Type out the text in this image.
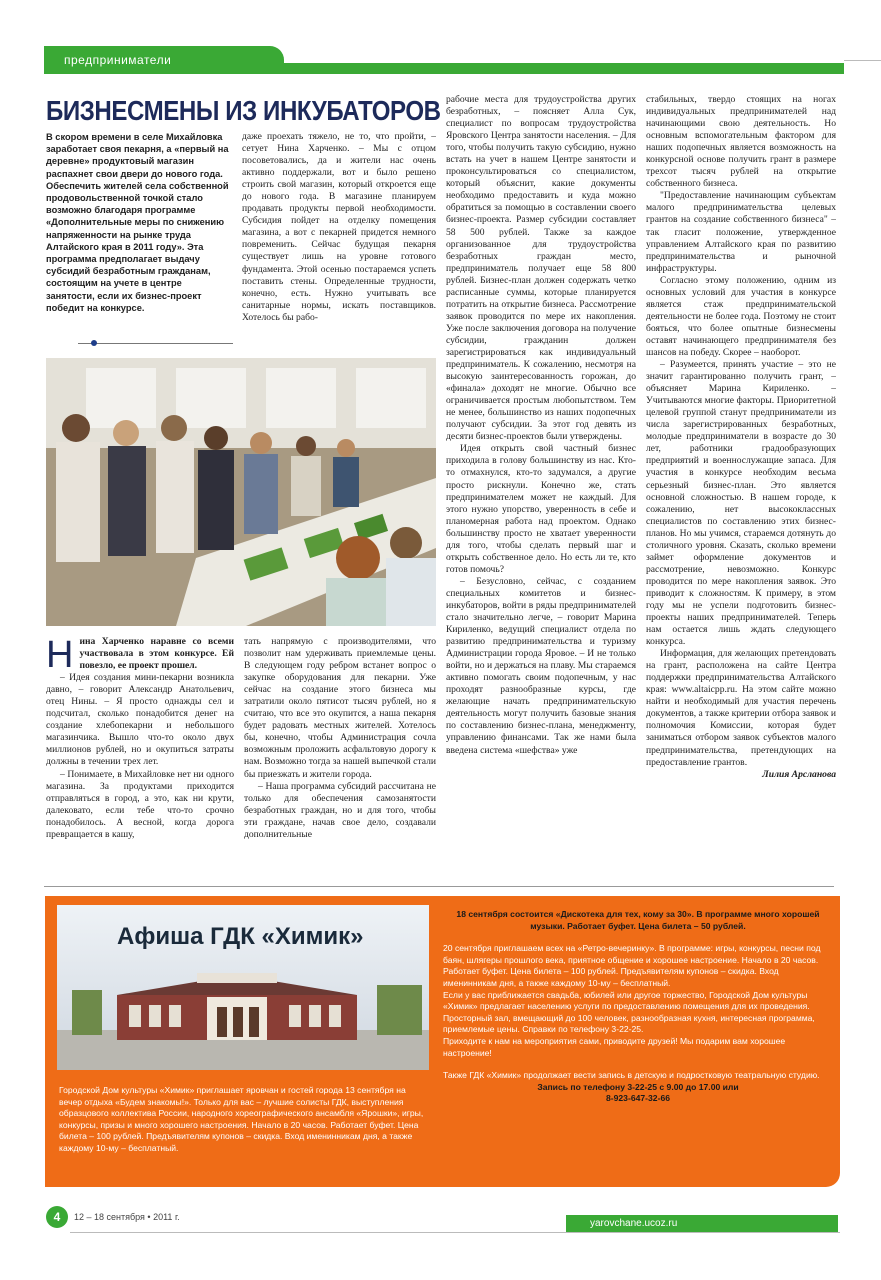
предприниматели
БИЗНЕСМЕНЫ ИЗ ИНКУБАТОРОВ
В скором времени в селе Михайловка заработает своя пекарня, а «первый на деревне» продуктовый магазин распахнет свои двери до нового года. Обеспечить жителей села собственной продовольственной точкой стало возможно благодаря программе «Дополнительные меры по снижению напряженности на рынке труда Алтайского края в 2011 году». Эта программа предполагает выдачу субсидий безработным гражданам, состоящим на учете в центре занятости, если их бизнес-проект победит на конкурсе.

даже проехать тяжело, не то, что пройти, – сетует Нина Харченко. – Мы с отцом посоветовались, да и жители нас очень активно поддержали, вот и было решено строить свой магазин, который откроется еще до нового года. В магазине планируем продавать продукты первой необходимости. Субсидия пойдет на отделку помещения магазина, а вот с пекарней придется немного повременить. Сейчас будущая пекарня существует лишь на уровне готового фундамента. Этой осенью постараемся успеть поставить стены. Определенные трудности, конечно, есть. Нужно учитывать все санитарные нормы, искать поставщиков. Хотелось бы рабо-

Нина Харченко наравне со всеми участвовала в этом конкурсе. Ей повезло, ее проект прошел.

– Идея создания мини-пекарни возникла давно, – говорит Александр Анатольевич, отец Нины. – Я просто однажды сел и подсчитал, сколько понадобится денег на создание хлебопекарни и небольшого магазинчика. Вышло что-то около двух миллионов рублей, но и окупиться затраты должны в течении трех лет.

– Понимаете, в Михайловке нет ни одного магазина. За продуктами приходится отправляться в город, а это, как ни крути, далековато, если тебе что-то срочно понадобилось. А весной, когда дорога превращается в кашу,

тать напрямую с производителями, что позволит нам удерживать приемлемые цены. В следующем году ребром встанет вопрос о закупке оборудования для пекарни. Уже сейчас на создание этого бизнеса мы затратили около пятисот тысяч рублей, но я считаю, что все это окупится, а наша пекарня будет радовать местных жителей. Хотелось бы, конечно, чтобы Администрация сочла возможным проложить асфальтовую дорогу к нам. Возможно тогда за нашей выпечкой стали бы приезжать и жители города.

– Наша программа субсидий рассчитана не только для обеспечения самозанятости безработных граждан, но и для того, чтобы эти граждане, начав свое дело, создавали дополнительные

рабочие места для трудоустройства других безработных, – поясняет Алла Сук, специалист по вопросам трудоустройства Яровского Центра занятости населения. – Для того, чтобы получить такую субсидию, нужно встать на учет в нашем Центре занятости и проконсультироваться со специалистом, который объяснит, какие документы необходимо предоставить и куда можно обратиться за помощью в составлении своего бизнес-проекта. Размер субсидии составляет 58 500 рублей. Также за каждое организованное для трудоустройства безработных граждан место, предприниматель получает еще 58 800 рублей. Бизнес-план должен содержать четко расписанные суммы, которые планируется потратить на открытие бизнеса. Рассмотрение заявок проводится по мере их накопления. Уже после заключения договора на получение субсидии, гражданин должен зарегистрироваться как индивидуальный предприниматель. К сожалению, несмотря на высокую заинтересованность горожан, до «финала» доходят не многие. Обычно все ограничивается простым любопытством. Тем не менее, большинство из наших подопечных получают субсидии. За этот год девять из десяти бизнес-проектов были утверждены.

Идея открыть свой частный бизнес приходила в голову большинству из нас. Кто-то отмахнулся, кто-то задумался, а другие просто рискнули. Конечно же, стать предпринимателем может не каждый. Для этого нужно упорство, уверенность в себе и планомерная работа над проектом. Однако большинству просто не хватает уверенности для того, чтобы сделать первый шаг и открыть собственное дело. Но есть ли те, кто готов помочь?

– Безусловно, сейчас, с созданием специальных комитетов и бизнес-инкубаторов, войти в ряды предпринимателей стало значительно легче, – говорит Марина Кириленко, ведущий специалист отдела по развитию предпринимательства и туризму Администрации города Яровое. – И не только войти, но и держаться на плаву. Мы стараемся активно помогать своим подопечным, у нас проходят разнообразные курсы, где желающие начать предпринимательскую деятельность могут получить базовые знания по составлению бизнес-плана, менеджменту, управлению финансами. Так же нами была введена система «шефства» уже

стабильных, твердо стоящих на ногах индивидуальных предпринимателей над начинающими свою деятельность. Но основным вспомогательным фактором для наших подопечных является возможность на конкурсной основе получить грант в размере трехсот тысяч рублей на открытие собственного бизнеса.

"Предоставление начинающим субъектам малого предпринимательства целевых грантов на создание собственного бизнеса" – так гласит положение, утвержденное управлением Алтайского края по развитию предпринимательства и рыночной инфраструктуры.

Согласно этому положению, одним из основных условий для участия в конкурсе является стаж предпринимательской деятельности не более года. Поэтому не стоит бояться, что более опытные бизнесмены оставят начинающего предпринимателя без шансов на победу. Скорее – наоборот.

– Разумеется, принять участие – это не значит гарантированно получить грант, – объясняет Марина Кириленко. – Учитываются многие факторы. Приоритетной целевой группой станут предприниматели из числа зарегистрированных безработных, молодые предприниматели в возрасте до 30 лет, работники градообразующих предприятий и военнослужащие запаса. Для участия в конкурсе необходим весьма серьезный бизнес-план. Это является основной сложностью. В нашем городе, к сожалению, нет высококлассных специалистов по составлению этих бизнес-планов. Но мы учимся, стараемся дотянуть до столичного уровня. Сказать, сколько времени займет оформление документов и рассмотрение, невозможно. Конкурс проводится по мере накопления заявок. Это приводит к сложностям. К примеру, в этом году мы не успели подготовить бизнес-проекты наших предпринимателей. Теперь нам остается лишь ждать следующего конкурса.

Информация, для желающих претендовать на грант, расположена на сайте Центра поддержки предпринимательства Алтайского края: www.altaicpp.ru. На этом сайте можно найти и необходимый для участия перечень документов, а также критерии отбора заявок и полномочия Комиссии, которая будет заниматься отбором заявок субъектов малого предпринимательства, претендующих на предоставление грантов.

Лилия Арсланова

Афиша ГДК «Химик»
Городской Дом культуры «Химик» приглашает яровчан и гостей города 13 сентября на вечер отдыха «Будем знакомы!». Только для вас – лучшие солисты ГДК, выступления образцового коллектива России, народного хореографического ансамбля «Ярошки», игры, конкурсы, призы и много хорошего настроения. Начало в 20 часов. Работает буфет. Цена билета – 100 рублей. Предъявителям купонов – скидка. Вход именинникам дня, а также каждому 10-му – бесплатный.

18 сентября состоится «Дискотека для тех, кому за 30». В программе много хорошей музыки. Работает буфет. Цена билета – 50 рублей.

20 сентября приглашаем всех на «Ретро-вечеринку». В программе: игры, конкурсы, песни под баян, шлягеры прошлого века, приятное общение и хорошее настроение. Начало в 20 часов. Работает буфет. Цена билета – 100 рублей. Предъявителям купонов – скидка. Вход именинникам дня, а также каждому 10-му – бесплатный.

Если у вас приближается свадьба, юбилей или другое торжество, Городской Дом культуры «Химик» предлагает населению услуги по предоставлению помещения для их проведения. Просторный зал, вмещающий до 100 человек, разнообразная кухня, интересная программа, приемлемые цены. Справки по телефону 3-22-25.

Приходите к нам на мероприятия сами, приводите друзей! Мы подарим вам хорошее настроение!

Также ГДК «Химик» продолжает вести запись в детскую и подростковую театральную студию.

Запись по телефону 3-22-25 с 9.00 до 17.00 или

8-923-647-32-66

4	12 – 18 сентября • 2011 г.
yarovchane.ucoz.ru
